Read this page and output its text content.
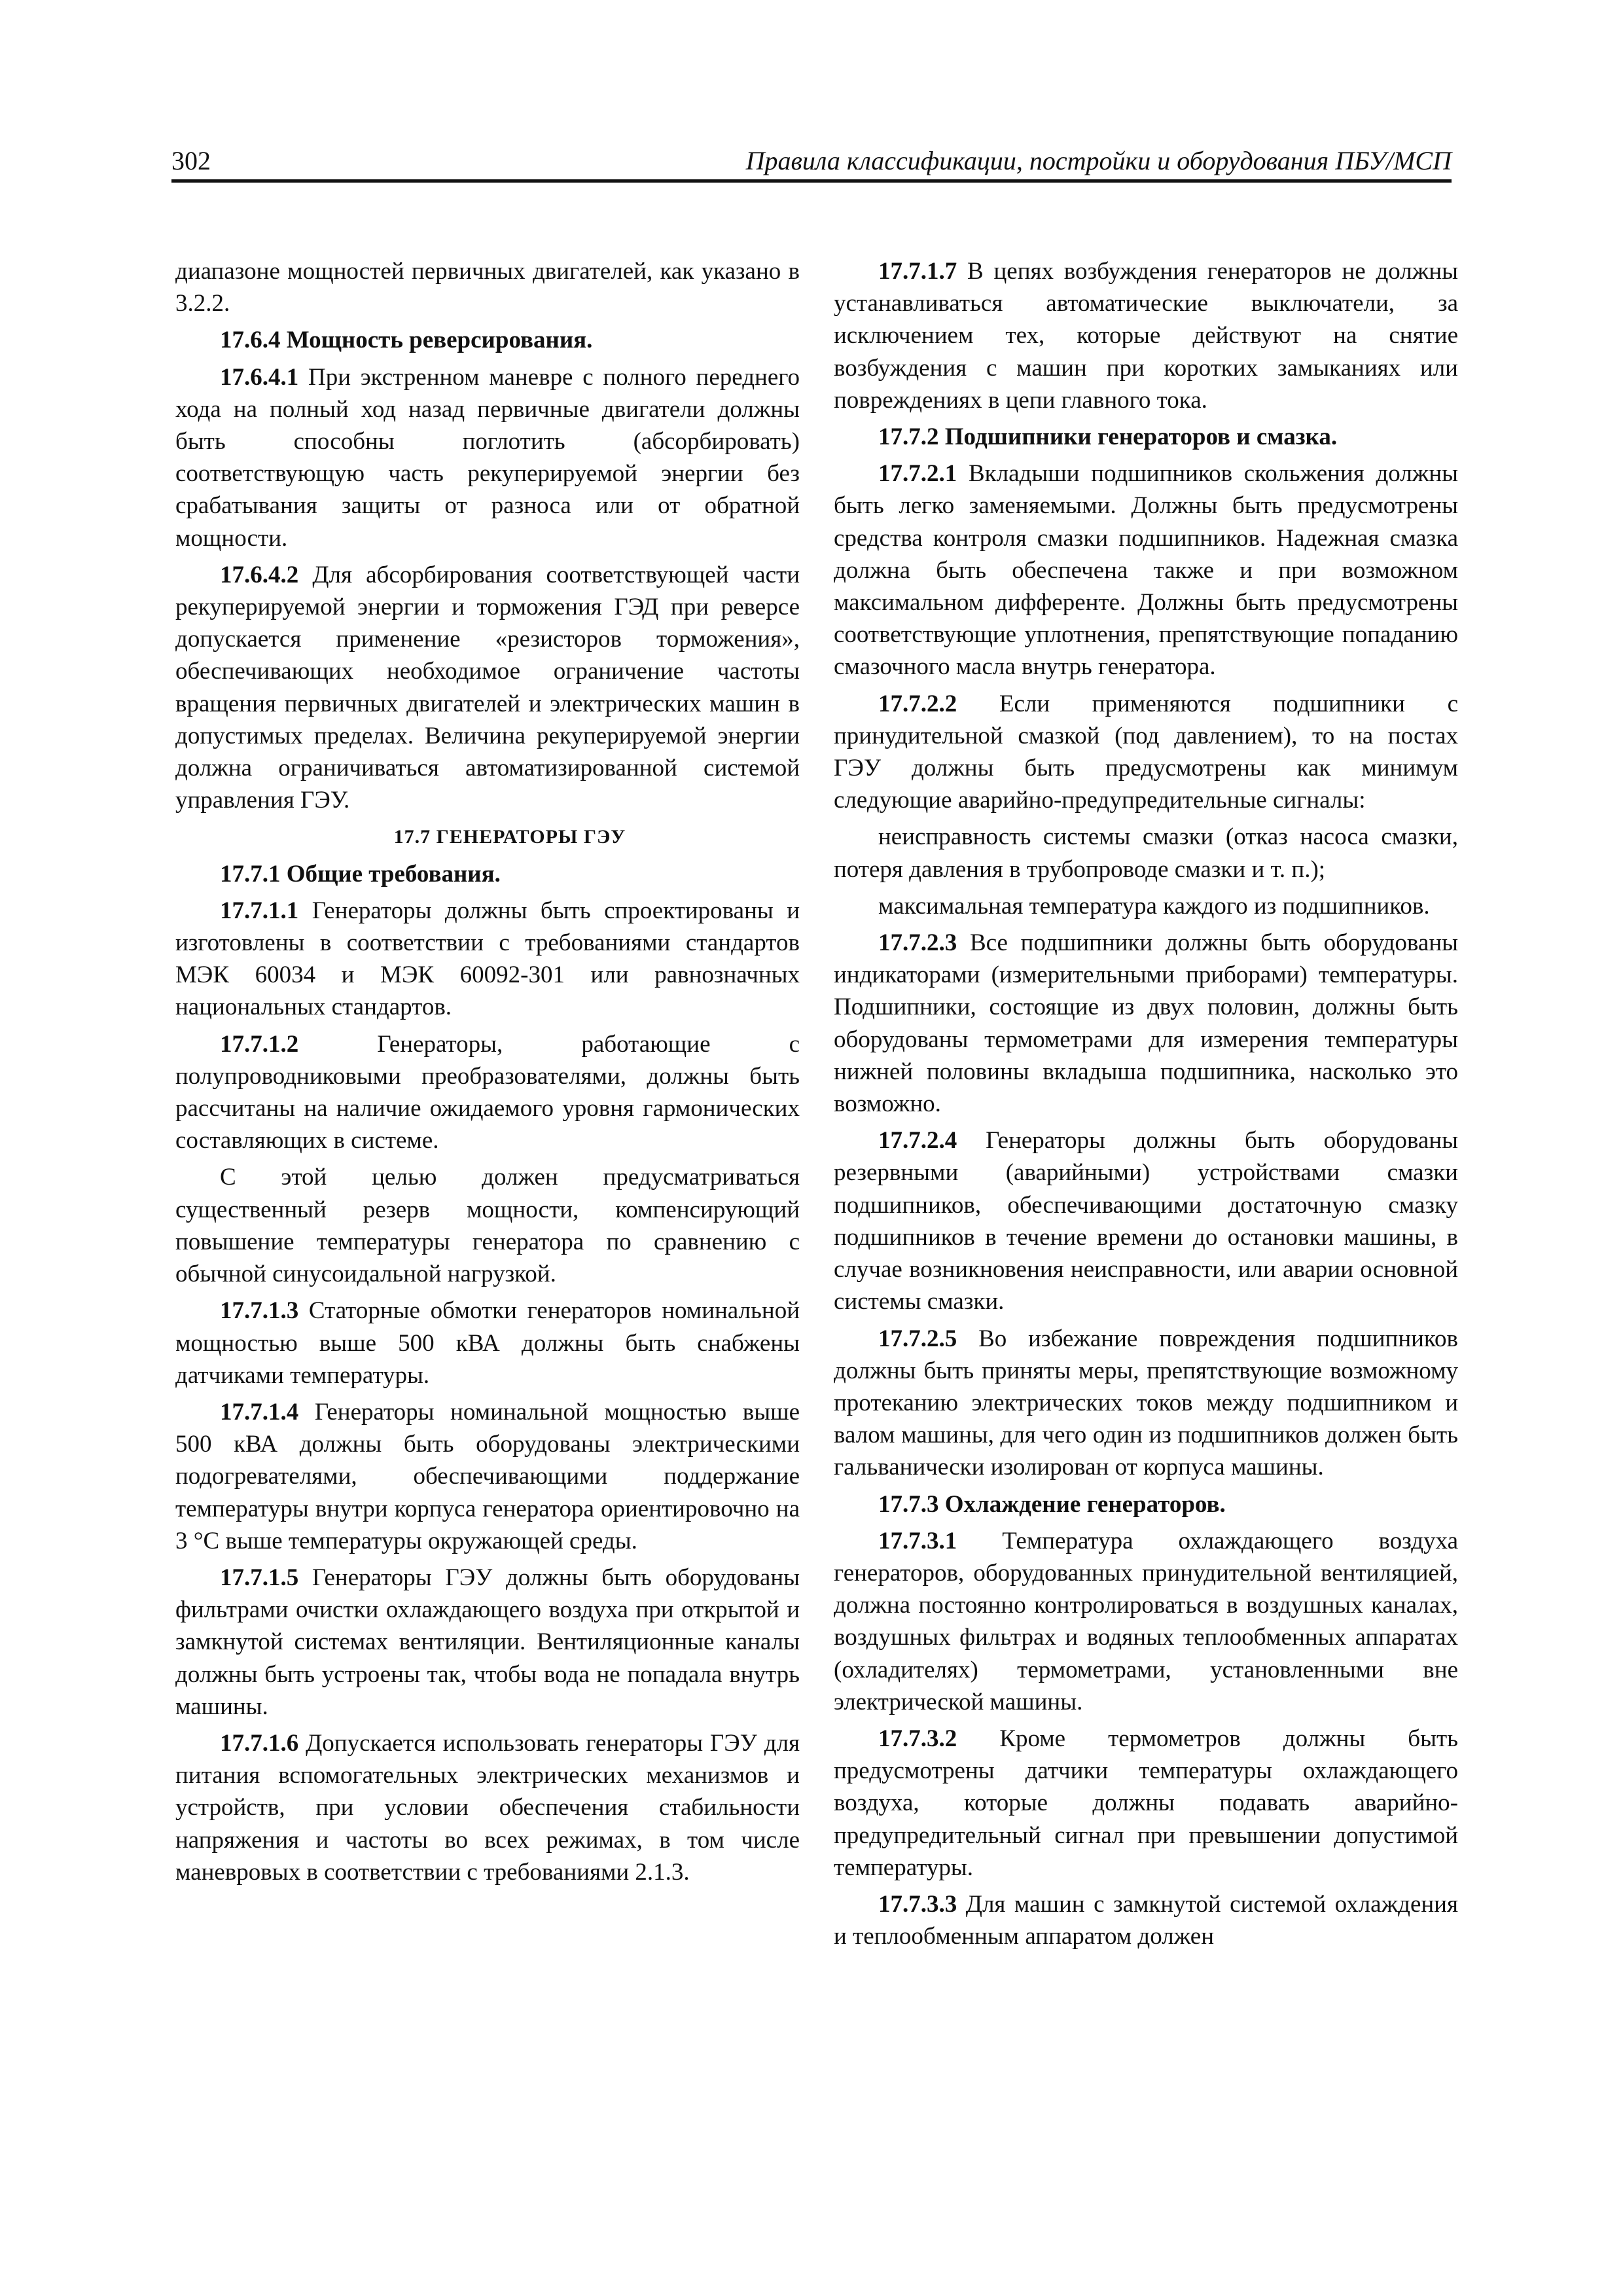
302	Правила классификации, постройки и оборудования ПБУ/МСП

диапазоне мощностей первичных двигателей, как указано в 3.2.2.

17.6.4 Мощность реверсирования.

17.6.4.1 При экстренном маневре с полного переднего хода на полный ход назад первичные двигатели должны быть способны поглотить (абсорбировать) соответствующую часть рекуперируемой энергии без срабатывания защиты от разноса или от обратной мощности.

17.6.4.2 Для абсорбирования соответствующей части рекуперируемой энергии и торможения ГЭД при реверсе допускается применение «резисторов торможения», обеспечивающих необходимое ограничение частоты вращения первичных двигателей и электрических машин в допустимых пределах. Величина рекуперируемой энергии должна ограничиваться автоматизированной системой управления ГЭУ.

17.7 ГЕНЕРАТОРЫ ГЭУ

17.7.1 Общие требования.

17.7.1.1 Генераторы должны быть спроектированы и изготовлены в соответствии с требованиями стандартов МЭК 60034 и МЭК 60092-301 или равнозначных национальных стандартов.

17.7.1.2	Генераторы, работающие с полупроводниковыми преобразователями, должны быть рассчитаны на наличие ожидаемого уровня гармонических составляющих в системе.

С этой целью должен предусматриваться существенный резерв мощности, компенсирующий повышение температуры генератора по сравнению с обычной синусоидальной нагрузкой.

17.7.1.3 Статорные обмотки генераторов номинальной мощностью выше 500 кВА должны быть снабжены датчиками температуры.

17.7.1.4 Генераторы номинальной мощностью выше 500 кВА должны быть оборудованы электрическими подогревателями, обеспечивающими поддержание температуры внутри корпуса генератора ориентировочно на 3 °С выше температуры окружающей среды.

17.7.1.5 Генераторы ГЭУ должны быть оборудованы фильтрами очистки охлаждающего воздуха при открытой и замкнутой системах вентиляции. Вентиляционные каналы должны быть устроены так, чтобы вода не попадала внутрь машины.

17.7.1.6 Допускается использовать генераторы ГЭУ для питания вспомогательных электрических механизмов и устройств, при условии обеспечения стабильности напряжения и частоты во всех режимах, в том числе маневровых в соответствии с требованиями 2.1.3.

17.7.1.7 В цепях возбуждения генераторов не должны устанавливаться автоматические выключатели, за исключением тех, которые действуют на снятие возбуждения с машин при коротких замыканиях или повреждениях в цепи главного тока.

17.7.2 Подшипники генераторов и смазка.

17.7.2.1 Вкладыши подшипников скольжения должны быть легко заменяемыми. Должны быть предусмотрены средства контроля смазки подшипников. Надежная смазка должна быть обеспечена также и при возможном максимальном дифференте. Должны быть предусмотрены соответствующие уплотнения, препятствующие попаданию смазочного масла внутрь генератора.

17.7.2.2 Если применяются подшипники с принудительной смазкой (под давлением), то на постах ГЭУ должны быть предусмотрены как минимум следующие аварийно-предупредительные сигналы:

неисправность системы смазки (отказ насоса смазки, потеря давления в трубопроводе смазки и т. п.);

максимальная температура каждого из подшипников.

17.7.2.3 Все подшипники должны быть оборудованы индикаторами (измерительными приборами) температуры. Подшипники, состоящие из двух половин, должны быть оборудованы термометрами для измерения температуры нижней половины вкладыша подшипника, насколько это возможно.

17.7.2.4 Генераторы должны быть оборудованы резервными (аварийными) устройствами смазки подшипников, обеспечивающими достаточную смазку подшипников в течение времени до остановки машины, в случае возникновения неисправности, или аварии основной системы смазки.

17.7.2.5 Во избежание повреждения подшипников должны быть приняты меры, препятствующие возможному протеканию электрических токов между подшипником и валом машины, для чего один из подшипников должен быть гальванически изолирован от корпуса машины.

17.7.3 Охлаждение генераторов.

17.7.3.1 Температура охлаждающего воздуха генераторов, оборудованных принудительной вентиляцией, должна постоянно контролироваться в воздушных каналах, воздушных фильтрах и водяных теплообменных аппаратах (охладителях) термометрами, установленными вне электрической машины.

17.7.3.2 Кроме термометров должны быть предусмотрены датчики температуры охлаждающего воздуха, которые должны подавать аварийно-предупредительный сигнал при превышении допустимой температуры.

17.7.3.3 Для машин с замкнутой системой охлаждения и теплообменным аппаратом должен
